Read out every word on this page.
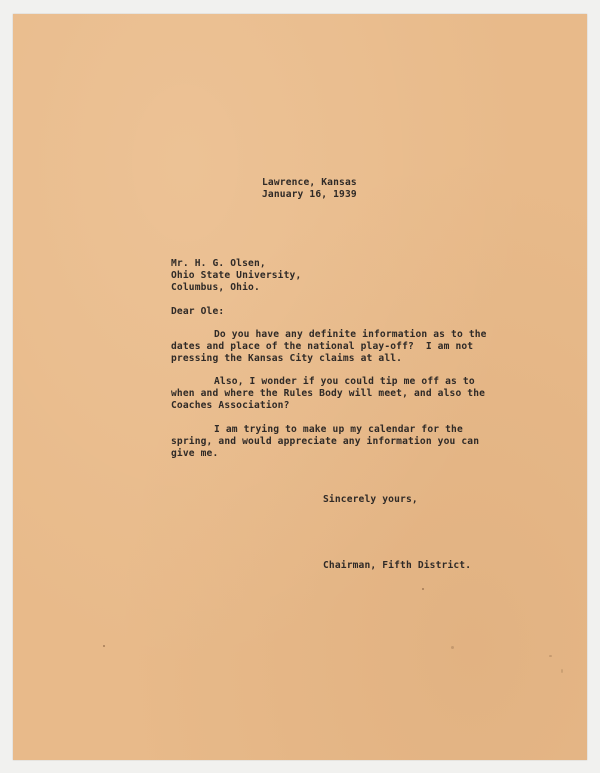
Lawrence, Kansas
January 16, 1939
Mr. H. G. Olsen,
Ohio State University,
Columbus, Ohio.
Dear Ole:
Do you have any definite information as to the
dates and place of the national play-off?  I am not
pressing the Kansas City claims at all.
Also, I wonder if you could tip me off as to
when and where the Rules Body will meet, and also the
Coaches Association?
I am trying to make up my calendar for the
spring, and would appreciate any information you can
give me.
Sincerely yours,
Chairman, Fifth District.
